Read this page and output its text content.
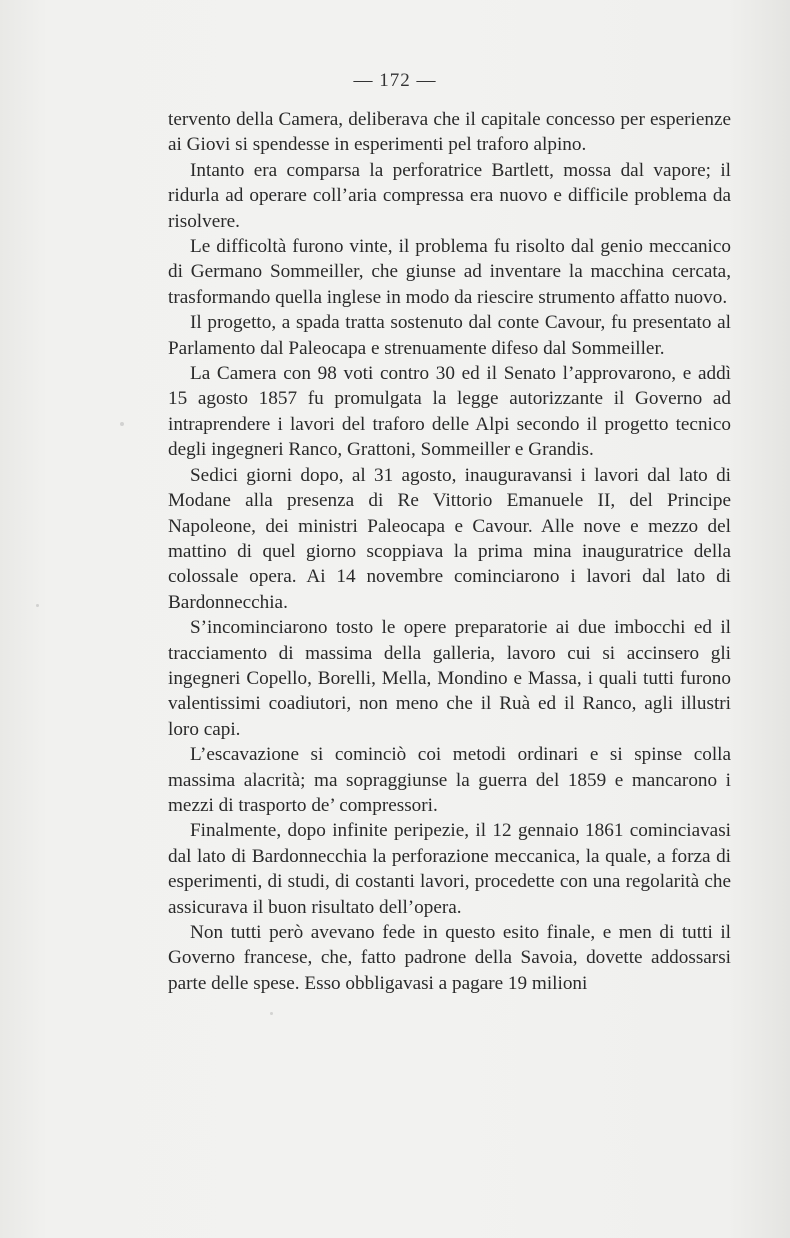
— 172 —

tervento della Camera, deliberava che il capitale concesso per esperienze ai Giovi si spendesse in esperimenti pel traforo alpino.

Intanto era comparsa la perforatrice Bartlett, mossa dal vapore; il ridurla ad operare coll’aria compressa era nuovo e difficile problema da risolvere.

Le difficoltà furono vinte, il problema fu risolto dal genio meccanico di Germano Sommeiller, che giunse ad inventare la macchina cercata, trasformando quella inglese in modo da riescire strumento affatto nuovo.

Il progetto, a spada tratta sostenuto dal conte Cavour, fu presentato al Parlamento dal Paleocapa e strenuamente difeso dal Sommeiller.

La Camera con 98 voti contro 30 ed il Senato l’approvarono, e addì 15 agosto 1857 fu promulgata la legge autorizzante il Governo ad intraprendere i lavori del traforo delle Alpi secondo il progetto tecnico degli ingegneri Ranco, Grattoni, Sommeiller e Grandis.

Sedici giorni dopo, al 31 agosto, inauguravansi i lavori dal lato di Modane alla presenza di Re Vittorio Emanuele II, del Principe Napoleone, dei ministri Paleocapa e Cavour. Alle nove e mezzo del mattino di quel giorno scoppiava la prima mina inauguratrice della colossale opera. Ai 14 novembre cominciarono i lavori dal lato di Bardonnecchia.

S’incominciarono tosto le opere preparatorie ai due imbocchi ed il tracciamento di massima della galleria, lavoro cui si accinsero gli ingegneri Copello, Borelli, Mella, Mondino e Massa, i quali tutti furono valentissimi coadiutori, non meno che il Ruà ed il Ranco, agli illustri loro capi.

L’escavazione si cominciò coi metodi ordinari e si spinse colla massima alacrità; ma sopraggiunse la guerra del 1859 e mancarono i mezzi di trasporto de’ compressori.

Finalmente, dopo infinite peripezie, il 12 gennaio 1861 cominciavasi dal lato di Bardonnecchia la perforazione meccanica, la quale, a forza di esperimenti, di studi, di costanti lavori, procedette con una regolarità che assicurava il buon risultato dell’opera.

Non tutti però avevano fede in questo esito finale, e men di tutti il Governo francese, che, fatto padrone della Savoia, dovette addossarsi parte delle spese. Esso obbligavasi a pagare 19 milioni
